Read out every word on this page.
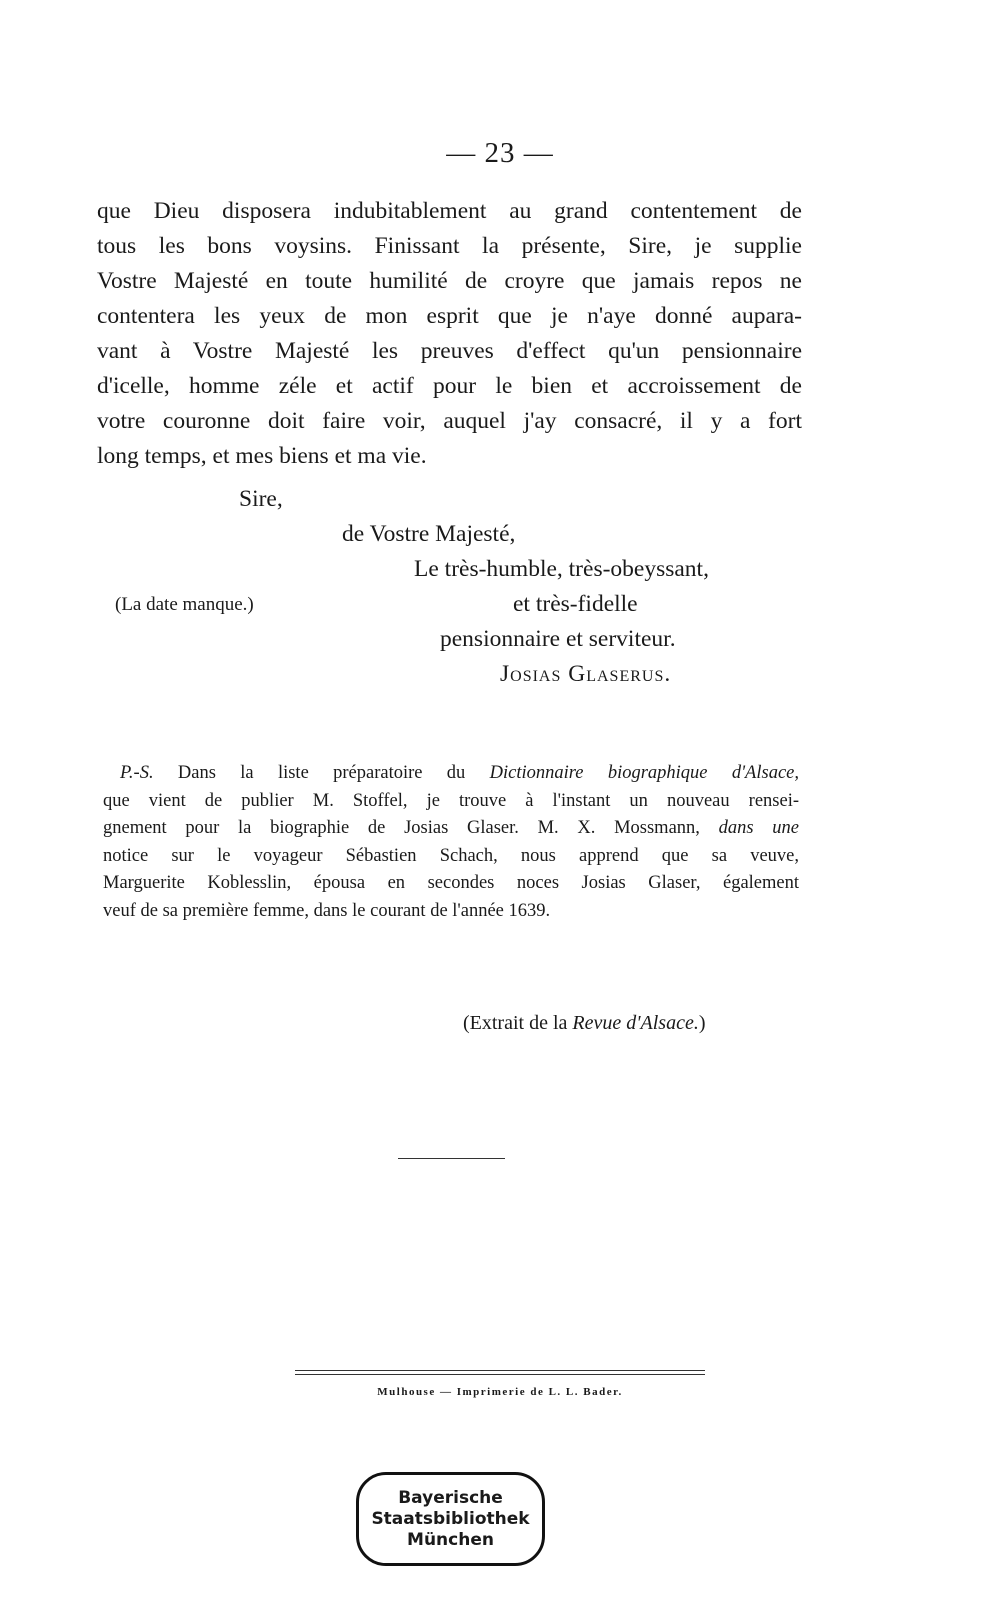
— 23 —
que Dieu disposera indubitablement au grand contentement de
tous les bons voysins. Finissant la présente, Sire, je supplie
Vostre Majesté en toute humilité de croyre que jamais repos ne
contentera les yeux de mon esprit que je n'aye donné aupara-
vant à Vostre Majesté les preuves d'effect qu'un pensionnaire
d'icelle, homme zéle et actif pour le bien et accroissement de
votre couronne doit faire voir, auquel j'ay consacré, il y a fort
long temps, et mes biens et ma vie.
Sire,
de Vostre Majesté,
Le très-humble, très-obeyssant,
et très-fidelle
pensionnaire et serviteur.
Josias Glaserus.
(La date manque.)
P.-S. Dans la liste préparatoire du Dictionnaire biographique d'Alsace,
que vient de publier M. Stoffel, je trouve à l'instant un nouveau rensei-
gnement pour la biographie de Josias Glaser. M. X. Mossmann, dans une
notice sur le voyageur Sébastien Schach, nous apprend que sa veuve,
Marguerite Koblesslin, épousa en secondes noces Josias Glaser, également
veuf de sa première femme, dans le courant de l'année 1639.
(Extrait de la Revue d'Alsace.)
Mulhouse — Imprimerie de L. L. Bader.
Bayerische
Staatsbibliothek
München
